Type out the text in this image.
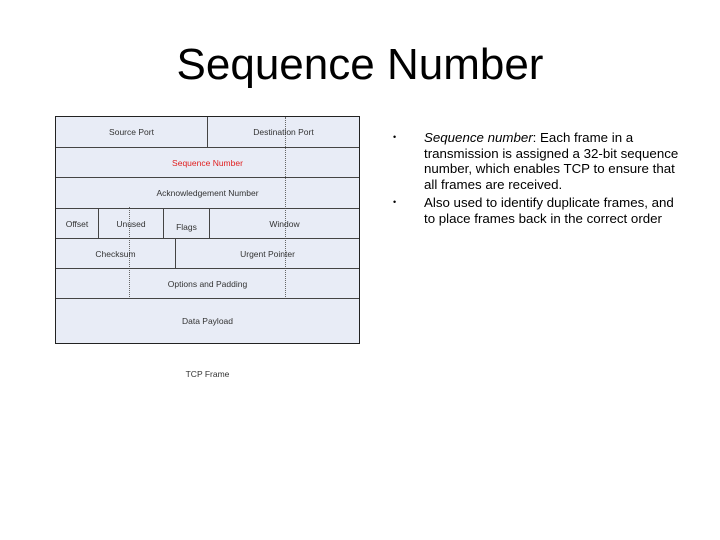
Sequence Number
Source Port	Destination Port
Sequence Number
Acknowledgement Number
Offset	Unused	Flags	Window
Checksum	Urgent Pointer
Options and Padding
Data Payload
TCP Frame
• Sequence number: Each frame in a transmission is assigned a 32-bit sequence number, which enables TCP to ensure that all frames are received.
• Also used to identify duplicate frames, and to place frames back in the correct order
